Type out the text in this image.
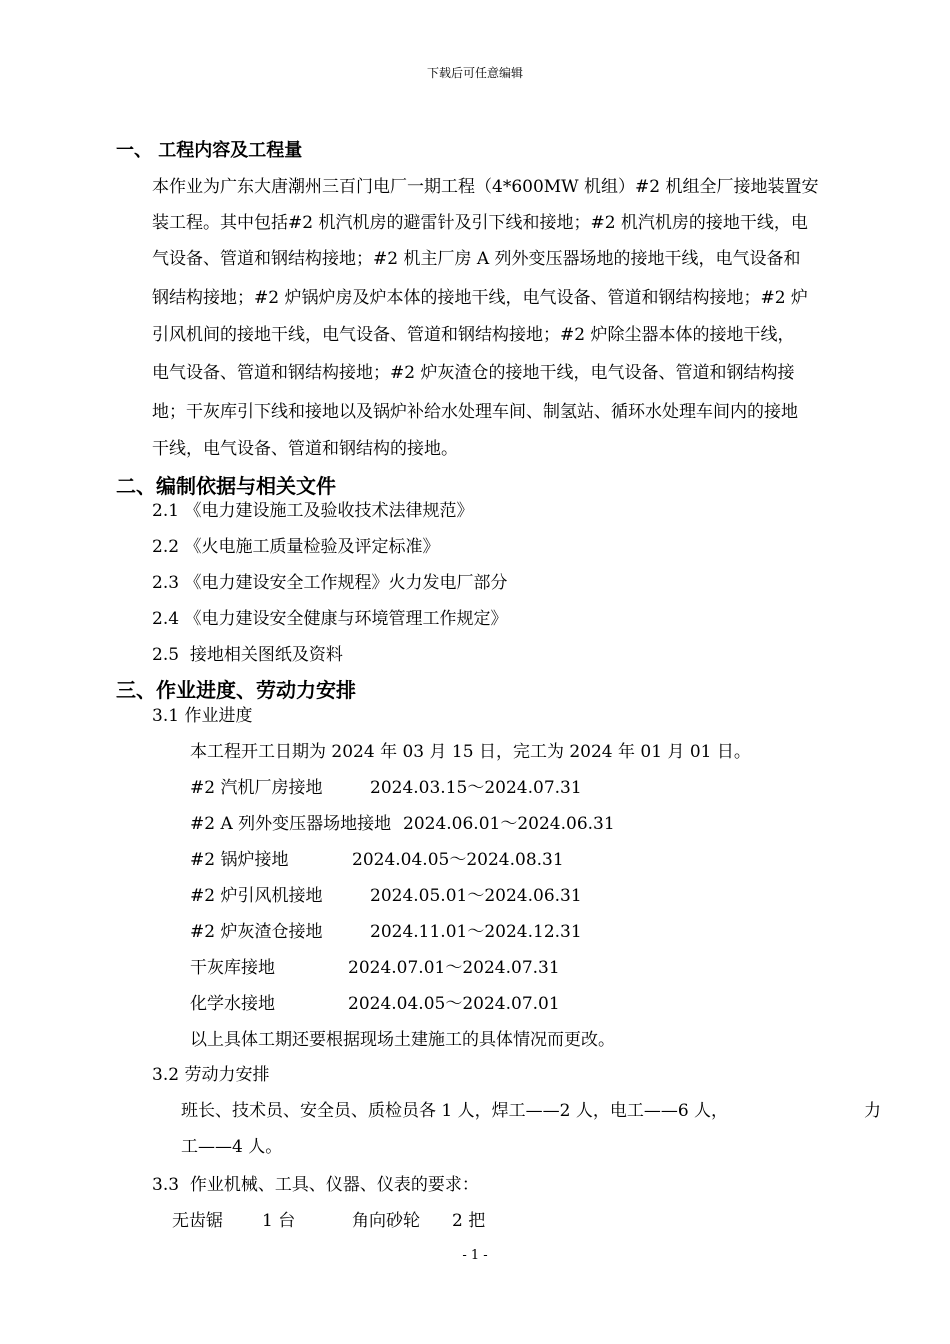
下载后可任意编辑
一、 工程内容及工程量
本作业为广东大唐潮州三百门电厂一期工程（4*600MW 机组）#2 机组全厂接地装置安
装工程。其中包括#2 机汽机房的避雷针及引下线和接地；#2 机汽机房的接地干线，电
气设备、管道和钢结构接地；#2 机主厂房 A 列外变压器场地的接地干线，电气设备和
钢结构接地；#2 炉锅炉房及炉本体的接地干线，电气设备、管道和钢结构接地；#2 炉
引风机间的接地干线，电气设备、管道和钢结构接地；#2 炉除尘器本体的接地干线，
电气设备、管道和钢结构接地；#2 炉灰渣仓的接地干线，电气设备、管道和钢结构接
地；干灰库引下线和接地以及锅炉补给水处理车间、制氢站、循环水处理车间内的接地
干线，电气设备、管道和钢结构的接地。
二、编制依据与相关文件
2.1 《电力建设施工及验收技术法律规范》
2.2 《火电施工质量检验及评定标准》
2.3 《电力建设安全工作规程》火力发电厂部分
2.4 《电力建设安全健康与环境管理工作规定》
2.5  接地相关图纸及资料
三、作业进度、劳动力安排
3.1 作业进度
本工程开工日期为 2024 年 03 月 15 日，完工为 2024 年 01 月 01 日。
#2 汽机厂房接地	2024.03.15～2024.07.31
#2 A 列外变压器场地接地 2024.06.01～2024.06.31
#2 锅炉接地	2024.04.05～2024.08.31
#2 炉引风机接地	2024.05.01～2024.06.31
#2 炉灰渣仓接地	2024.11.01～2024.12.31
干灰库接地	2024.07.01～2024.07.31
化学水接地	2024.04.05～2024.07.01
以上具体工期还要根据现场土建施工的具体情况而更改。
3.2 劳动力安排
班长、技术员、安全员、质检员各 1 人，焊工——2 人，电工——6 人，	力
工——4 人。
3.3  作业机械、工具、仪器、仪表的要求：
无齿锯 1 台	角向砂轮 2 把
- 1 -
